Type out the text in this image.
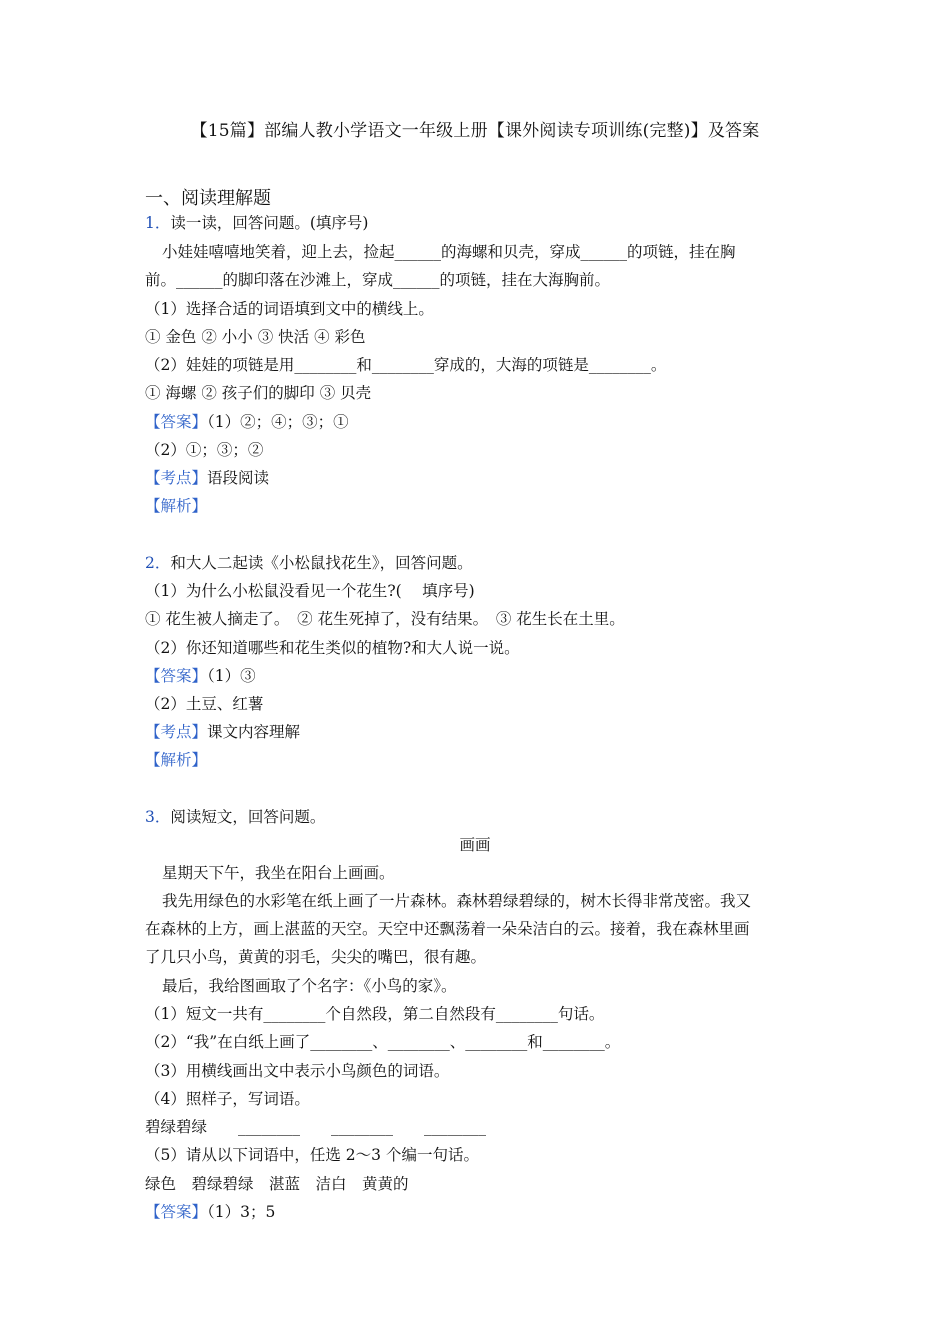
【15篇】部编人教小学语文一年级上册【课外阅读专项训练(完整)】及答案
一、阅读理解题
1．读一读，回答问题。(填序号)
小娃娃嘻嘻地笑着，迎上去，捡起______的海螺和贝壳，穿成______的项链，挂在胸
前。______的脚印落在沙滩上，穿成______的项链，挂在大海胸前。
（1）选择合适的词语填到文中的横线上。
① 金色 ② 小小 ③ 快活 ④ 彩色
（2）娃娃的项链是用________和________穿成的，大海的项链是________。
① 海螺 ② 孩子们的脚印 ③ 贝壳
【答案】（1）②；④；③；①
（2）①；③；②
【考点】语段阅读
【解析】
2．和大人二起读《小松鼠找花生》，回答问题。
（1）为什么小松鼠没看见一个花生?(　 填序号)
① 花生被人摘走了。　② 花生死掉了，没有结果。　③ 花生长在土里。
（2）你还知道哪些和花生类似的植物?和大人说一说。
【答案】（1）③
（2）土豆、红薯
【考点】课文内容理解
【解析】
3．阅读短文，回答问题。
画画
星期天下午，我坐在阳台上画画。
我先用绿色的水彩笔在纸上画了一片森林。森林碧绿碧绿的，树木长得非常茂密。我又
在森林的上方，画上湛蓝的天空。天空中还飘荡着一朵朵洁白的云。接着，我在森林里画
了几只小鸟，黄黄的羽毛，尖尖的嘴巴，很有趣。
最后，我给图画取了个名字：《小鸟的家》。
（1）短文一共有________个自然段，第二自然段有________句话。
（2）“我”在白纸上画了________、________、________和________。
（3）用横线画出文中表示小鸟颜色的词语。
（4）照样子，写词语。
碧绿碧绿　　________　　________　　________
（5）请从以下词语中，任选 2～3 个编一句话。
绿色　碧绿碧绿　湛蓝　洁白　黄黄的
【答案】（1）3；5
